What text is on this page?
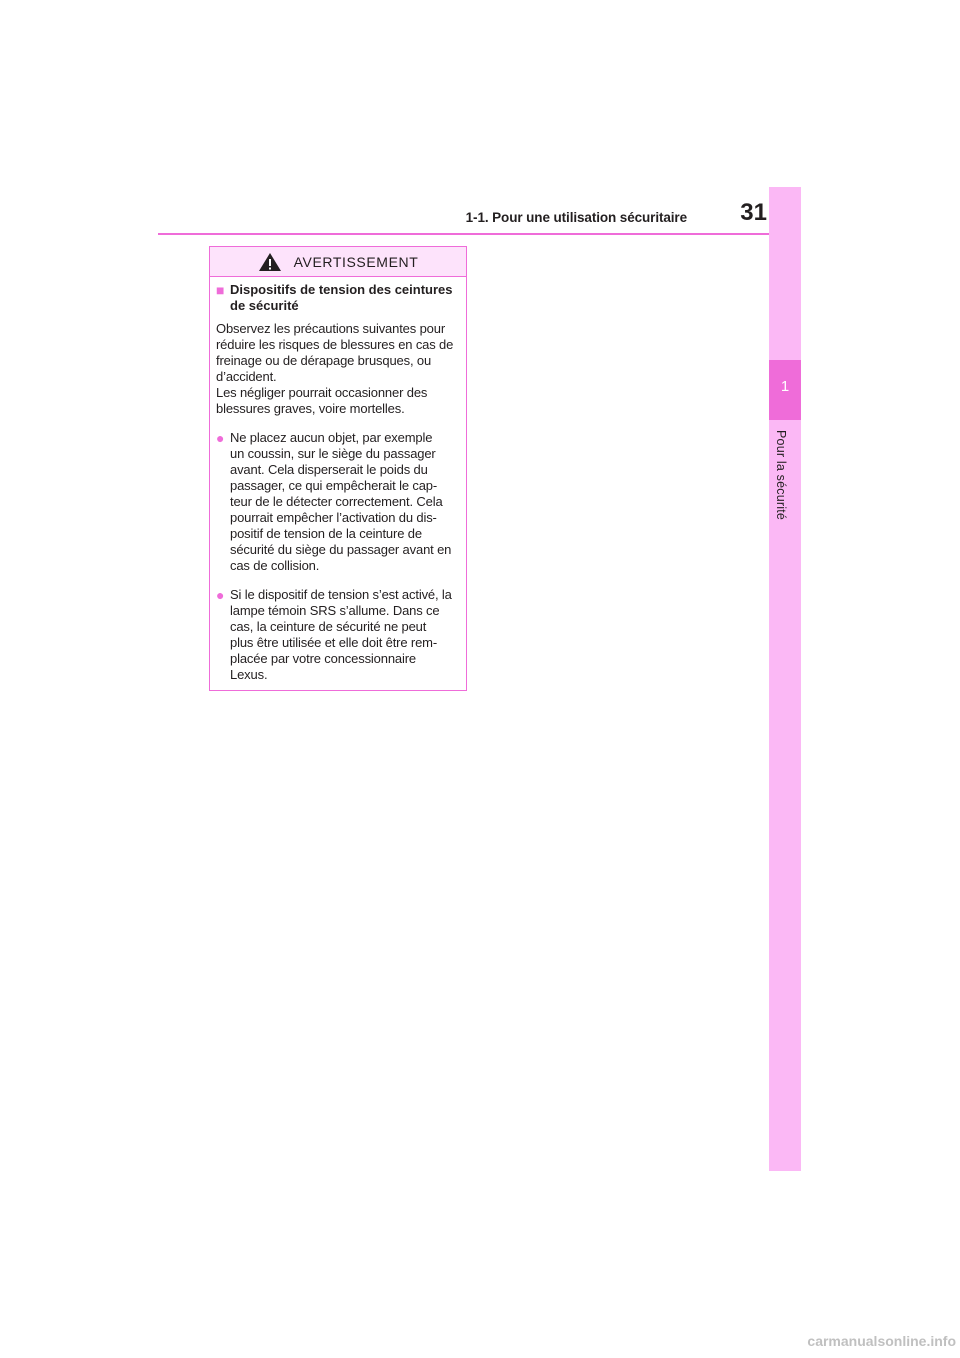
1-1. Pour une utilisation sécuritaire 31
1
Pour la sécurité
AVERTISSEMENT
■ Dispositifs de tension des ceintures
de sécurité
Observez les précautions suivantes pour
réduire les risques de blessures en cas de
freinage ou de dérapage brusques, ou
d’accident.
Les négliger pourrait occasionner des
blessures graves, voire mortelles.
● Ne placez aucun objet, par exemple
un coussin, sur le siège du passager
avant. Cela disperserait le poids du
passager, ce qui empêcherait le cap-
teur de le détecter correctement. Cela
pourrait empêcher l’activation du dis-
positif de tension de la ceinture de
sécurité du siège du passager avant en
cas de collision.
● Si le dispositif de tension s’est activé, la
lampe témoin SRS s’allume. Dans ce
cas, la ceinture de sécurité ne peut
plus être utilisée et elle doit être rem-
placée par votre concessionnaire
Lexus.
carmanualsonline.info
